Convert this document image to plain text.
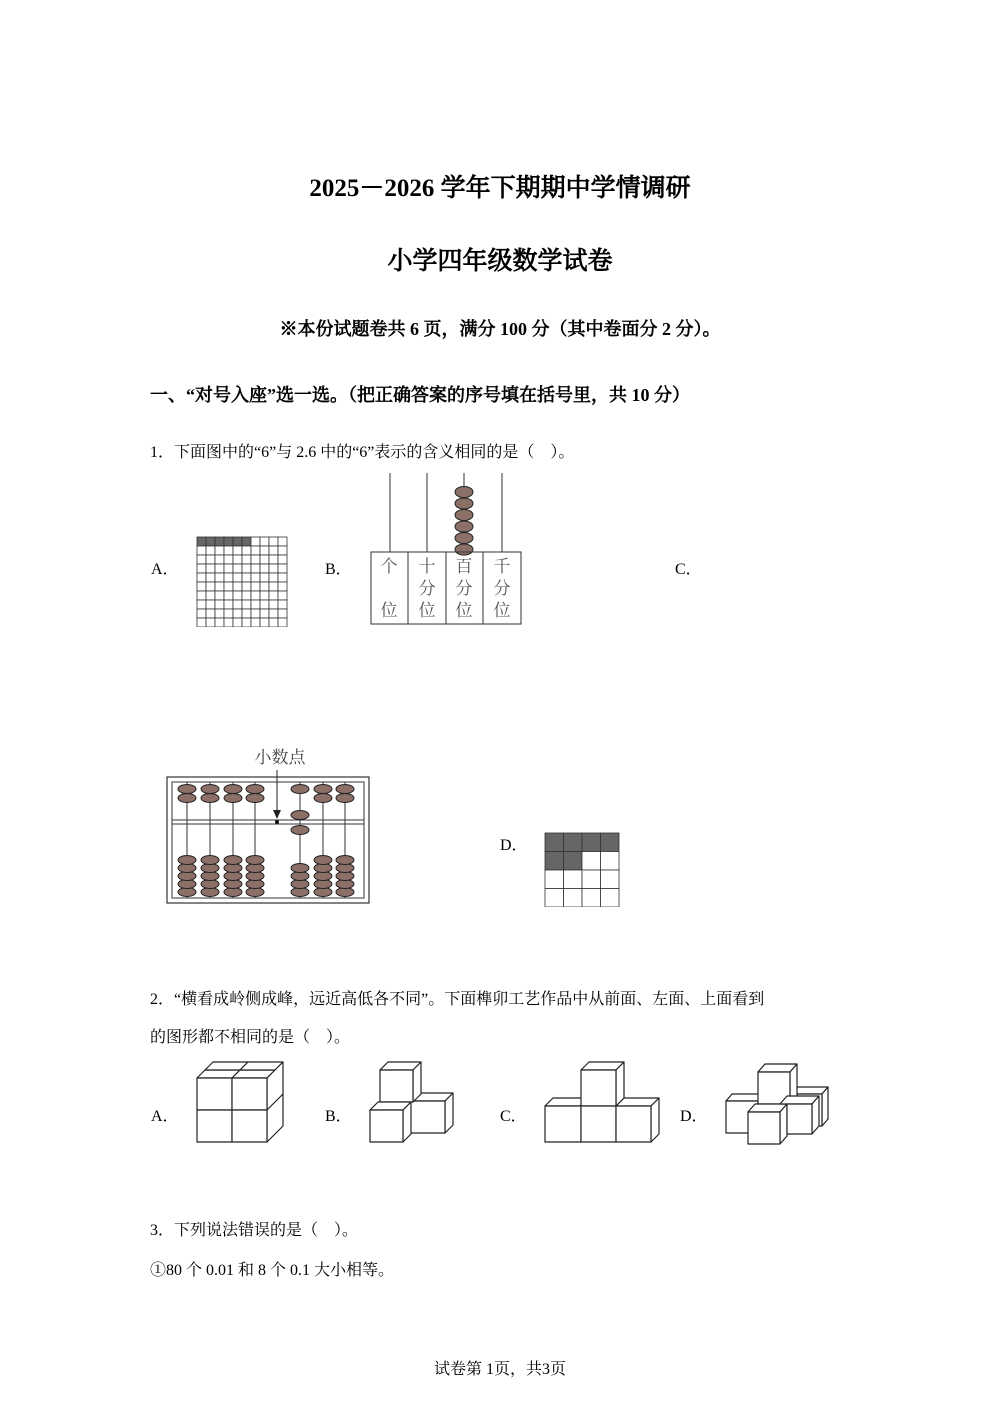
2025－2026 学年下期期中学情调研
小学四年级数学试卷
※本份试题卷共 6 页，满分 100 分（其中卷面分 2 分）。
一、“对号入座”选一选。（把正确答案的序号填在括号里，共 10 分）
1．下面图中的“6”与 2.6 中的“6”表示的含义相同的是（　）。
A．	B． 个
位
十
分
位
百
分
位
千
分
位
C．
小数点
D．
2．“横看成岭侧成峰，远近高低各不同”。下面榫卯工艺作品中从前面、左面、上面看到
的图形都不相同的是（　）。
A．	B．	C．	D．
3．下列说法错误的是（　）。
①80 个 0.01 和 8 个 0.1 大小相等。
试卷第 1页，共3页
